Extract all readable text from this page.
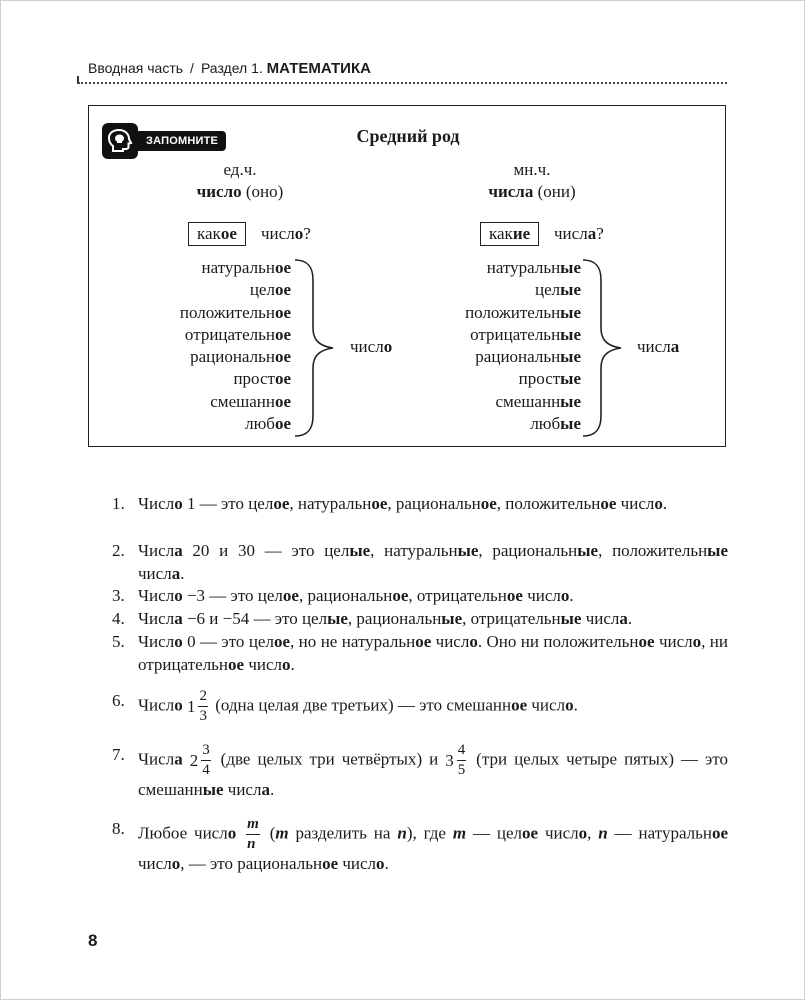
Вводная часть / Раздел 1. МАТЕМАТИКА
ЗАПОМНИТЕ	Средний род
ед.ч.
число (оно)
какое	число?
натуральное
целое
положительное
отрицательное
рациональное
простое
смешанное
любое
число
мн.ч.
числа (они)
какие	числа?
натуральные
целые
положительные
отрицательные
рациональные
простые
смешанные
любые
числа
1. Число 1 — это целое, натуральное, рациональное, положительное число.
2. Числа 20 и 30 — это целые, натуральные, рациональные, положительные числа.
3. Число −3 — это целое, рациональное, отрицательное число.
4. Числа −6 и −54 — это целые, рациональные, отрицательные числа.
5. Число 0 — это целое, но не натуральное число. Оно ни положительное число, ни отрицательное число.
6. Число $1 \frac{2}{3}$ (одна целая две третьих) — это смешанное число.
7. Числа $2 \frac{3}{4} (две$ целых три четвёртых) и $3 \frac{4}{5} (три$ целых четыре пятых) — это смешанные числа.
8. Любое число $\frac{m}{n} (m$ разделить на n), где m — целое число, n — натуральное число, — это рациональное число.
8
